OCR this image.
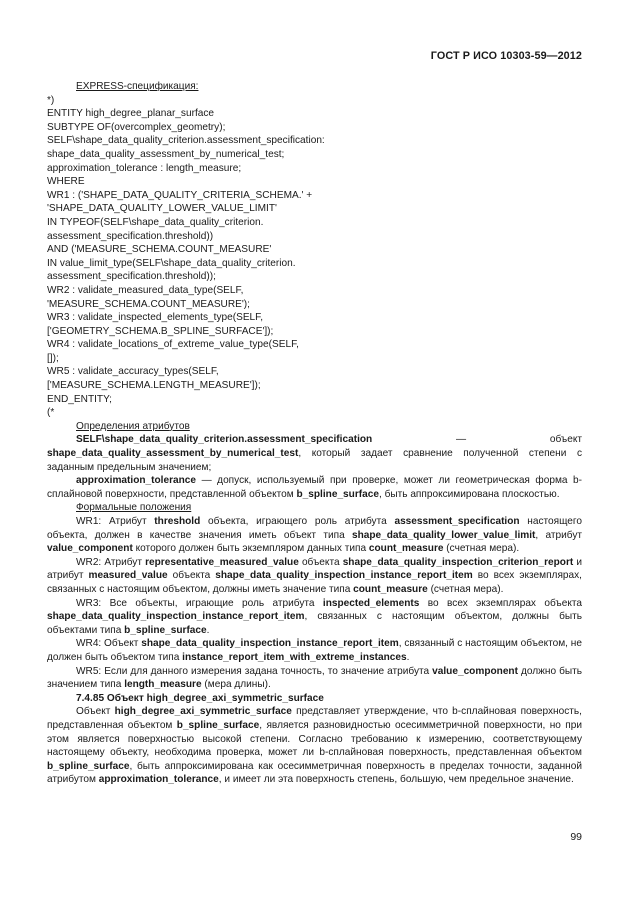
ГОСТ Р ИСО 10303-59—2012

EXPRESS-спецификация:

*)

ENTITY high_degree_planar_surface

SUBTYPE OF(overcomplex_geometry);

SELF\shape_data_quality_criterion.assessment_specification:

shape_data_quality_assessment_by_numerical_test;

approximation_tolerance : length_measure;

WHERE

WR1 : ('SHAPE_DATA_QUALITY_CRITERIA_SCHEMA.' +

'SHAPE_DATA_QUALITY_LOWER_VALUE_LIMIT'

IN TYPEOF(SELF\shape_data_quality_criterion.

assessment_specification.threshold))

AND ('MEASURE_SCHEMA.COUNT_MEASURE'

IN value_limit_type(SELF\shape_data_quality_criterion.

assessment_specification.threshold));

WR2 : validate_measured_data_type(SELF,

'MEASURE_SCHEMA.COUNT_MEASURE');

WR3 : validate_inspected_elements_type(SELF,

['GEOMETRY_SCHEMA.B_SPLINE_SURFACE']);

WR4 : validate_locations_of_extreme_value_type(SELF,

[]);

WR5 : validate_accuracy_types(SELF,

['MEASURE_SCHEMA.LENGTH_MEASURE']);

END_ENTITY;

(*

Определения атрибутов

SELF\shape_data_quality_criterion.assessment_specification — объект shape_data_quality_assessment_by_numerical_test, который задает сравнение полученной степени с заданным предельным значением;

approximation_tolerance — допуск, используемый при проверке, может ли геометрическая форма b-сплайновой поверхности, представленной объектом b_spline_surface, быть аппроксимирована плоскостью.

Формальные положения

WR1: Атрибут threshold объекта, играющего роль атрибута assessment_specification настоящего объекта, должен в качестве значения иметь объект типа shape_data_quality_lower_value_limit, атрибут value_component которого должен быть экземпляром данных типа count_measure (счетная мера).

WR2: Атрибут representative_measured_value объекта shape_data_quality_inspection_criterion_report и атрибут measured_value объекта shape_data_quality_inspection_instance_report_item во всех экземплярах, связанных с настоящим объектом, должны иметь значение типа count_measure (счетная мера).

WR3: Все объекты, играющие роль атрибута inspected_elements во всех экземплярах объекта shape_data_quality_inspection_instance_report_item, связанных с настоящим объектом, должны быть объектами типа b_spline_surface.

WR4: Объект shape_data_quality_inspection_instance_report_item, связанный с настоящим объектом, не должен быть объектом типа instance_report_item_with_extreme_instances.

WR5: Если для данного измерения задана точность, то значение атрибута value_component должно быть значением типа length_measure (мера длины).

7.4.85 Объект high_degree_axi_symmetric_surface

Объект high_degree_axi_symmetric_surface представляет утверждение, что b-сплайновая поверхность, представленная объектом b_spline_surface, является разновидностью осесимметричной поверхности, но при этом является поверхностью высокой степени. Согласно требованию к измерению, соответствующему настоящему объекту, необходима проверка, может ли b-сплайновая поверхность, представленная объектом b_spline_surface, быть аппроксимирована как осесимметричная поверхность в пределах точности, заданной атрибутом approximation_tolerance, и имеет ли эта поверхность степень, большую, чем предельное значение.

99
